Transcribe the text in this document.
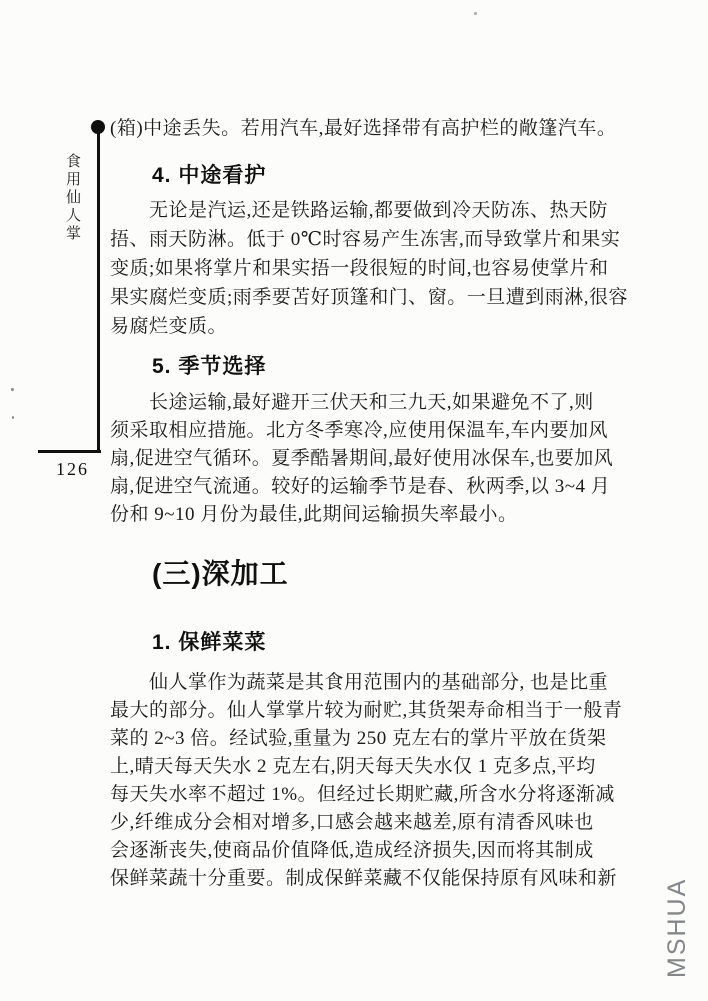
食用仙人掌
126
(箱)中途丢失。若用汽车,最好选择带有高护栏的敞篷汽车。
4. 中途看护
　　无论是汽运,还是铁路运输,都要做到冷天防冻、热天防
捂、雨天防淋。低于 0℃时容易产生冻害,而导致掌片和果实
变质;如果将掌片和果实捂一段很短的时间,也容易使掌片和
果实腐烂变质;雨季要苫好顶篷和门、窗。一旦遭到雨淋,很容
易腐烂变质。
5. 季节选择
　　长途运输,最好避开三伏天和三九天,如果避免不了,则
须采取相应措施。北方冬季寒冷,应使用保温车,车内要加风
扇,促进空气循环。夏季酷暑期间,最好使用冰保车,也要加风
扇,促进空气流通。较好的运输季节是春、秋两季,以 3~4 月
份和 9~10 月份为最佳,此期间运输损失率最小。
(三)深加工
1. 保鲜菜菜
　　仙人掌作为蔬菜是其食用范围内的基础部分, 也是比重
最大的部分。仙人掌掌片较为耐贮,其货架寿命相当于一般青
菜的 2~3 倍。经试验,重量为 250 克左右的掌片平放在货架
上,晴天每天失水 2 克左右,阴天每天失水仅 1 克多点,平均
每天失水率不超过 1%。但经过长期贮藏,所含水分将逐渐减
少,纤维成分会相对增多,口感会越来越差,原有清香风味也
会逐渐丧失,使商品价值降低,造成经济损失,因而将其制成
保鲜菜蔬十分重要。制成保鲜菜藏不仅能保持原有风味和新 MSHUA
